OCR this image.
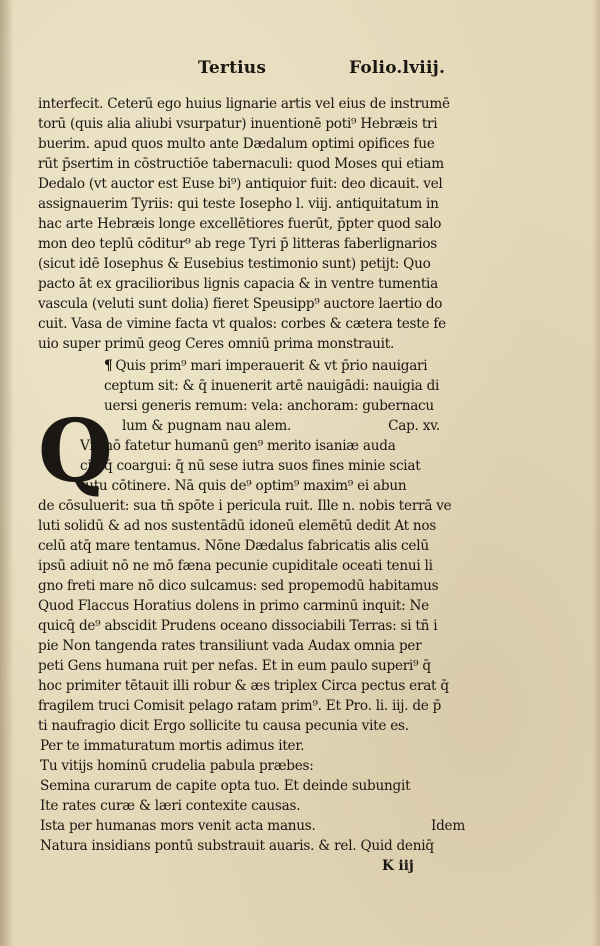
Tertius	Folio.lviij.
interfecit. Ceterū ego huius lignarie artis vel eius de instrumē
torū (quis alia aliubi vsurpatur) inuentionē poti⁹ Hebræis tri
buerim. apud quos multo ante Dædalum optimi opifices fue
rūt p̄sertim in cōstructiōe tabernaculi: quod Moses qui etiam
Dedalo (vt auctor est Euse bi⁹) antiquior fuit: deo dicauit. vel
assignauerim Tyriis: qui teste Iosepho l. viij. antiquitatum in
hac arte Hebræis longe excellētiores fuerūt, p̄pter quod salo
mon deo teplū cōditur⁹ ab rege Tyri p̄ litteras faberlignarios
(sicut idē Iosephus & Eusebius testimonio sunt) petijt: Quo
pacto āt ex gracilioribus lignis capacia & in ventre tumentia
vascula (veluti sunt dolia) fieret Speusipp⁹ auctore laertio do
cuit. Vasa de vimine facta vt qualos: corbes & cætera teste fe
uio super primū geog Ceres omniū prima monstrauit.
¶ Quis prim⁹ mari imperauerit & vt p̄rio nauigari
ceptum sit: & q̄ inuenerit artē nauigādi: nauigia di
uersi generis remum: vela: anchoram: gubernacu
lum & pugnam nau alem.	Cap. xv.
Q
Vis nō fatetur humanū gen⁹ merito isaniæ auda
ciæq̄ coargui: q̄ nū sese iutra suos fines minie sciat
tutu cōtinere. Nā quis de⁹ optim⁹ maxim⁹ ei abun
de cōsuluerit: sua tn̄ spōte i pericula ruit. Ille n. nobis terrā ve
luti solidū & ad nos sustentādū idoneū elemētū dedit At nos
celū atq̄ mare tentamus. Nōne Dædalus fabricatis alis celū
ipsū adiuit nō ne mō fæna pecunie cupiditale oceati tenui li
gno freti mare nō dico sulcamus: sed propemodū habitamus
Quod Flaccus Horatius dolens in primo carminū inquit: Ne
quicq̄ de⁹ abscidit Prudens oceano dissociabili Terras: si tñ i
pie Non tangenda rates transiliunt vada Audax omnia per
peti Gens humana ruit per nefas. Et in eum paulo superi⁹ q̄
hoc primiter tētauit illi robur & æs triplex Circa pectus erat q̄
fragilem truci Comisit pelago ratam prim⁹. Et Pro. li. iij. de p̄
ti naufragio dicit Ergo sollicite tu causa pecunia vite es.
Per te immaturatum mortis adimus iter.
Tu vitijs hominū crudelia pabula præbes:
Semina curarum de capite opta tuo. Et deinde subungit
Ite rates curæ & læri contexite causas.
Ista per humanas mors venit acta manus.	Idem
Natura insidians pontū substrauit auaris. & rel. Quid deniq̄
K iij
